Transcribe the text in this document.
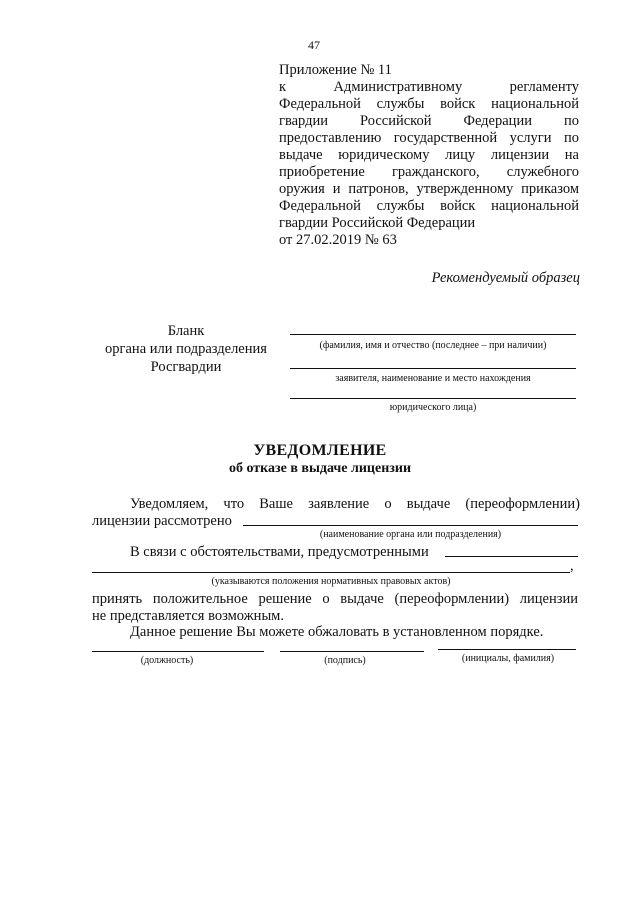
47
Приложение № 11
к Административному регламенту
Федеральной службы войск национальной
гвардии Российской Федерации по
предоставлению государственной услуги по
выдаче юридическому лицу лицензии на
приобретение гражданского, служебного
оружия и патронов, утвержденному приказом
Федеральной службы войск национальной
гвардии Российской Федерации
от 27.02.2019 № 63
Рекомендуемый образец
Бланк
органа или подразделения
Росгвардии
(фамилия, имя и отчество (последнее – при наличии)
заявителя, наименование и место нахождения
юридического лица)
УВЕДОМЛЕНИЕ
об отказе в выдаче лицензии
Уведомляем, что Ваше заявление о выдаче (переоформлении)
лицензии рассмотрено
(наименование органа или подразделения)
В связи с обстоятельствами, предусмотренными
,
(указываются положения нормативных правовых актов)
принять положительное решение о выдаче (переоформлении) лицензии
не представляется возможным.
Данное решение Вы можете обжаловать в установленном порядке.
(должность)	(подпись)	(инициалы, фамилия)
